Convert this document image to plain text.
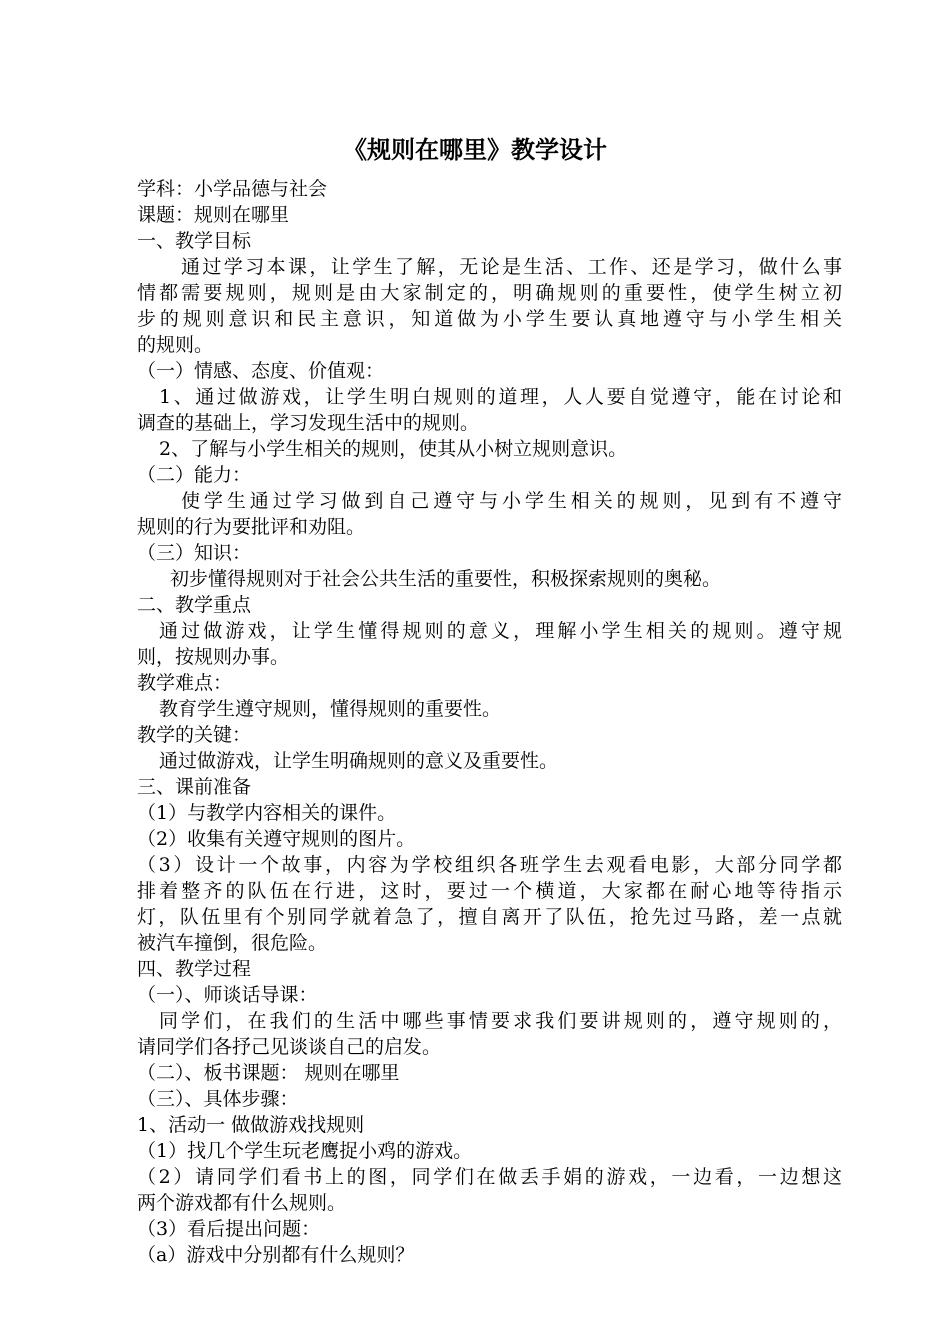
《规则在哪里》教学设计

学科：小学品德与社会

课题：规则在哪里

一、教学目标

通过学习本课，让学生了解，无论是生活、工作、还是学习，做什么事

情都需要规则，规则是由大家制定的，明确规则的重要性，使学生树立初

步的规则意识和民主意识，知道做为小学生要认真地遵守与小学生相关

的规则。

（一）情感、态度、价值观：

1、通过做游戏，让学生明白规则的道理，人人要自觉遵守，能在讨论和

调查的基础上，学习发现生活中的规则。

2、了解与小学生相关的规则，使其从小树立规则意识。

（二）能力：

使学生通过学习做到自己遵守与小学生相关的规则，见到有不遵守

规则的行为要批评和劝阻。

（三）知识：

初步懂得规则对于社会公共生活的重要性，积极探索规则的奥秘。

二、教学重点

通过做游戏，让学生懂得规则的意义，理解小学生相关的规则。遵守规

则，按规则办事。

教学难点：

教育学生遵守规则，懂得规则的重要性。

教学的关键：

通过做游戏，让学生明确规则的意义及重要性。

三、课前准备

（1）与教学内容相关的课件。

（2）收集有关遵守规则的图片。

（3）设计一个故事，内容为学校组织各班学生去观看电影，大部分同学都

排着整齐的队伍在行进，这时，要过一个横道，大家都在耐心地等待指示

灯，队伍里有个别同学就着急了，擅自离开了队伍，抢先过马路，差一点就

被汽车撞倒，很危险。

四、教学过程

（一）、师谈话导课：

同学们，在我们的生活中哪些事情要求我们要讲规则的，遵守规则的，

请同学们各抒己见谈谈自己的启发。

（二）、板书课题： 规则在哪里

（三）、具体步骤：

1、活动一 做做游戏找规则

（1）找几个学生玩老鹰捉小鸡的游戏。

（2）请同学们看书上的图，同学们在做丢手娟的游戏，一边看，一边想这

两个游戏都有什么规则。

（3）看后提出问题：

（a）游戏中分别都有什么规则？
